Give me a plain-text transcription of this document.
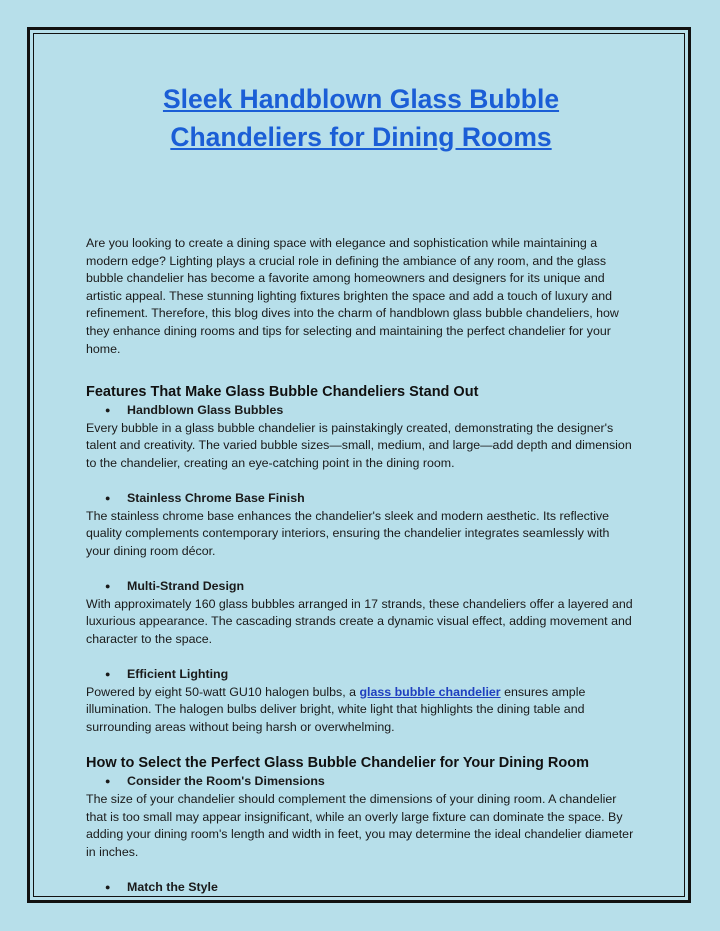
Sleek Handblown Glass Bubble Chandeliers for Dining Rooms

Are you looking to create a dining space with elegance and sophistication while maintaining a modern edge? Lighting plays a crucial role in defining the ambiance of any room, and the glass bubble chandelier has become a favorite among homeowners and designers for its unique and artistic appeal. These stunning lighting fixtures brighten the space and add a touch of luxury and refinement. Therefore, this blog dives into the charm of handblown glass bubble chandeliers, how they enhance dining rooms and tips for selecting and maintaining the perfect chandelier for your home.

Features That Make Glass Bubble Chandeliers Stand Out

● Handblown Glass Bubbles

Every bubble in a glass bubble chandelier is painstakingly created, demonstrating the designer's talent and creativity. The varied bubble sizes—small, medium, and large—add depth and dimension to the chandelier, creating an eye-catching point in the dining room.

● Stainless Chrome Base Finish

The stainless chrome base enhances the chandelier's sleek and modern aesthetic. Its reflective quality complements contemporary interiors, ensuring the chandelier integrates seamlessly with your dining room décor.

● Multi-Strand Design

With approximately 160 glass bubbles arranged in 17 strands, these chandeliers offer a layered and luxurious appearance. The cascading strands create a dynamic visual effect, adding movement and character to the space.

● Efficient Lighting

Powered by eight 50-watt GU10 halogen bulbs, a glass bubble chandelier ensures ample illumination. The halogen bulbs deliver bright, white light that highlights the dining table and surrounding areas without being harsh or overwhelming.

How to Select the Perfect Glass Bubble Chandelier for Your Dining Room

● Consider the Room's Dimensions

The size of your chandelier should complement the dimensions of your dining room. A chandelier that is too small may appear insignificant, while an overly large fixture can dominate the space. By adding your dining room's length and width in feet, you may determine the ideal chandelier diameter in inches.

● Match the Style
